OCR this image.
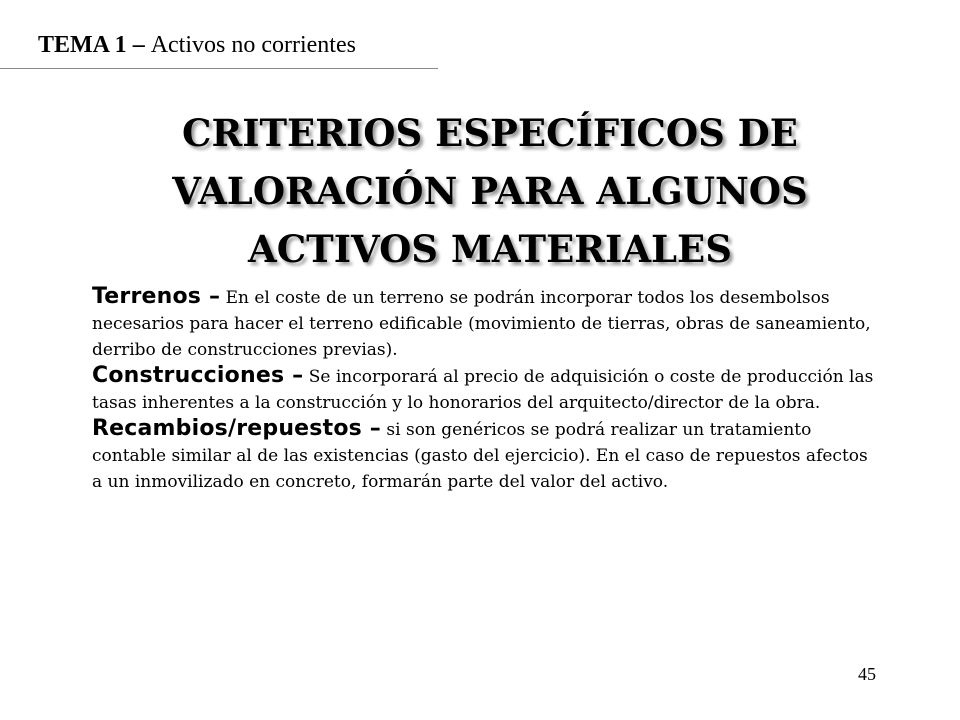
TEMA 1 – Activos no corrientes
CRITERIOS ESPECÍFICOS DE
VALORACIÓN PARA ALGUNOS
ACTIVOS MATERIALES

Terrenos – En el coste de un terreno se podrán incorporar todos los desembolsos necesarios para hacer el terreno edificable (movimiento de tierras, obras de saneamiento, derribo de construcciones previas).

Construcciones – Se incorporará al precio de adquisición o coste de producción las tasas inherentes a la construcción y lo honorarios del arquitecto/director de la obra.

Recambios/repuestos – si son genéricos se podrá realizar un tratamiento contable similar al de las existencias (gasto del ejercicio). En el caso de repuestos afectos a un inmovilizado en concreto, formarán parte del valor del activo.

45
